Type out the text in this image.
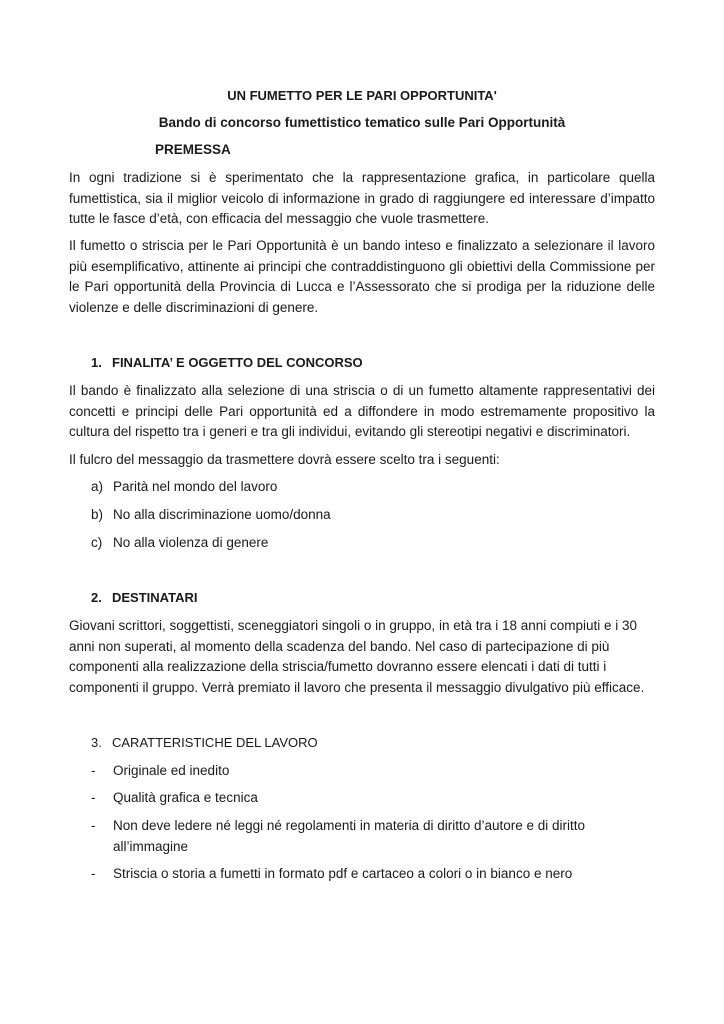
UN FUMETTO PER LE PARI OPPORTUNITA'
Bando di concorso fumettistico tematico sulle Pari Opportunità
PREMESSA

In ogni tradizione si è sperimentato che la rappresentazione grafica, in particolare quella fumettistica, sia il miglior veicolo di informazione in grado di raggiungere ed interessare d’impatto tutte le fasce d’età, con efficacia del messaggio che vuole trasmettere.

Il fumetto o striscia per le Pari Opportunità è un bando inteso e finalizzato a selezionare il lavoro più esemplificativo, attinente ai principi che contraddistinguono gli obiettivi della Commissione per le Pari opportunità della Provincia di Lucca e l’Assessorato che si prodiga per la riduzione delle violenze e delle discriminazioni di genere.

1. FINALITA’ E OGGETTO DEL CONCORSO

Il bando è finalizzato alla selezione di una striscia o di un fumetto altamente rappresentativi dei concetti e principi delle Pari opportunità ed a diffondere in modo estremamente propositivo la cultura del rispetto tra i generi e tra gli individui, evitando gli stereotipi negativi e discriminatori.

Il fulcro del messaggio da trasmettere dovrà essere scelto tra i seguenti:

a) Parità nel mondo del lavoro
b) No alla discriminazione uomo/donna
c) No alla violenza di genere
2. DESTINATARI
Giovani scrittori, soggettisti, sceneggiatori singoli o in gruppo, in età tra i 18 anni compiuti e i 30
anni non superati, al momento della scadenza del bando. Nel caso di partecipazione di più
componenti alla realizzazione della striscia/fumetto dovranno essere elencati i dati di tutti i
componenti il gruppo. Verrà premiato il lavoro che presenta il messaggio divulgativo più efficace.
3. CARATTERISTICHE DEL LAVORO
- Originale ed inedito
- Qualità grafica e tecnica
- Non deve ledere né leggi né regolamenti in materia di diritto d’autore e di diritto all’immagine
- Striscia o storia a fumetti in formato pdf e cartaceo a colori o in bianco e nero
